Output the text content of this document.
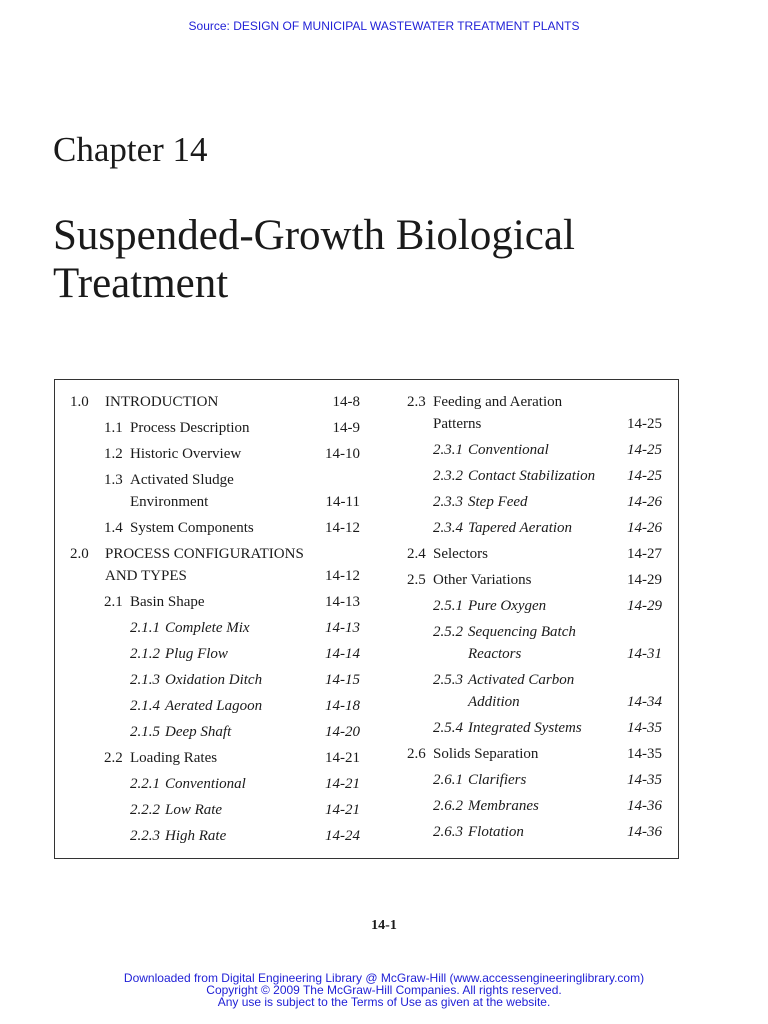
Source: DESIGN OF MUNICIPAL WASTEWATER TREATMENT PLANTS
Chapter 14
Suspended-Growth Biological
Treatment
1.0 INTRODUCTION	14-8
1.1 Process Description	14-9
1.2 Historic Overview	14-10
1.3 Activated Sludge
Environment	14-11
1.4 System Components	14-12
2.0 PROCESS CONFIGURATIONS
AND TYPES	14-12
2.1 Basin Shape	14-13
2.1.1 Complete Mix	14-13
2.1.2 Plug Flow	14-14
2.1.3 Oxidation Ditch	14-15
2.1.4 Aerated Lagoon	14-18
2.1.5 Deep Shaft	14-20
2.2 Loading Rates	14-21
2.2.1 Conventional	14-21
2.2.2 Low Rate	14-21
2.2.3 High Rate	14-24
2.3 Feeding and Aeration
Patterns	14-25
2.3.1 Conventional	14-25
2.3.2 Contact Stabilization 14-25
2.3.3 Step Feed	14-26
2.3.4 Tapered Aeration	14-26
2.4 Selectors	14-27
2.5 Other Variations	14-29
2.5.1 Pure Oxygen	14-29
2.5.2 Sequencing Batch
Reactors	14-31
2.5.3 Activated Carbon
Addition	14-34
2.5.4 Integrated Systems	14-35
2.6 Solids Separation	14-35
2.6.1 Clarifiers	14-35
2.6.2 Membranes	14-36
2.6.3 Flotation	14-36
14-1
Downloaded from Digital Engineering Library @ McGraw-Hill (www.accessengineeringlibrary.com)
Copyright © 2009 The McGraw-Hill Companies. All rights reserved.
Any use is subject to the Terms of Use as given at the website.
